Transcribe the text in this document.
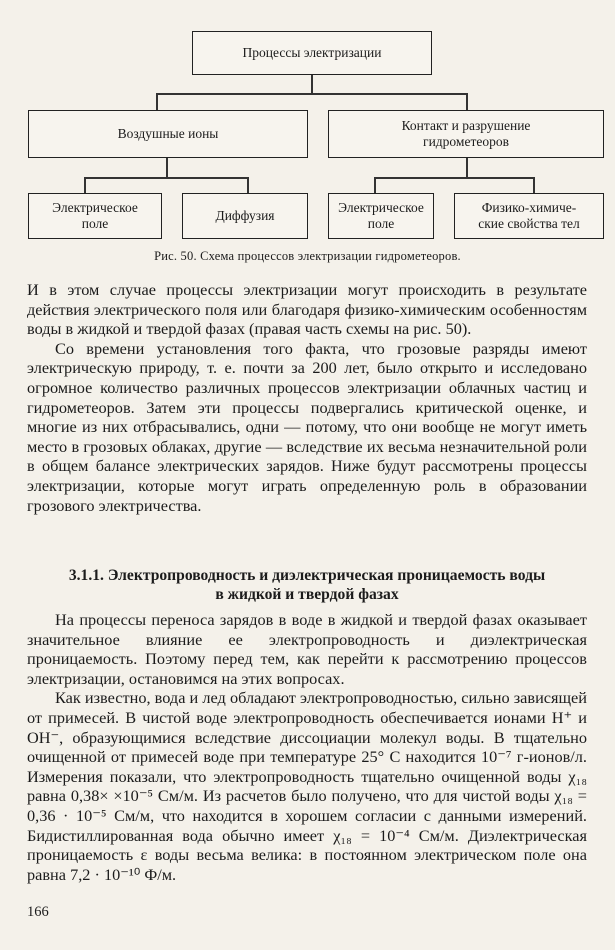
Процессы электризации
Воздушные ионы
Контакт и разрушение
гидрометеоров
Электрическое
поле
Диффузия
Электрическое
поле
Физико-химиче-
ские свойства тел
Рис. 50. Схема процессов электризации гидрометеоров.

И в этом случае процессы электризации могут происходить в результате действия электрического поля или благодаря физико-химическим особенностям воды в жидкой и твердой фазах (правая часть схемы на рис. 50).

Со времени установления того факта, что грозовые разряды имеют электрическую природу, т. е. почти за 200 лет, было открыто и исследовано огромное количество различных процессов электризации облачных частиц и гидрометеоров. Затем эти процессы подвергались критической оценке, и многие из них отбрасывались, одни — потому, что они вообще не могут иметь место в грозовых облаках, другие — вследствие их весьма незначительной роли в общем балансе электрических зарядов. Ниже будут рассмотрены процессы электризации, которые могут играть определенную роль в образовании грозового электричества.

3.1.1. Электропроводность и диэлектрическая проницаемость воды
в жидкой и твердой фазах

На процессы переноса зарядов в воде в жидкой и твердой фазах оказывает значительное влияние ее электропроводность и диэлектрическая проницаемость. Поэтому перед тем, как перейти к рассмотрению процессов электризации, остановимся на этих вопросах.

Как известно, вода и лед обладают электропроводностью, сильно зависящей от примесей. В чистой воде электропроводность обеспечивается ионами H⁺ и OH⁻, образующимися вследствие диссоциации молекул воды. В тщательно очищенной от примесей воде при температуре 25° C находится 10⁻⁷ г-ионов/л. Измерения показали, что электропроводность тщательно очищенной воды χ₁₈ равна 0,38× ×10⁻⁵ См/м. Из расчетов было получено, что для чистой воды χ₁₈ = 0,36 · 10⁻⁵ См/м, что находится в хорошем согласии с данными измерений. Бидистиллированная вода обычно имеет χ₁₈ = 10⁻⁴ См/м. Диэлектрическая проницаемость ε воды весьма велика: в постоянном электрическом поле она равна 7,2 · 10⁻¹⁰ Ф/м.

166
